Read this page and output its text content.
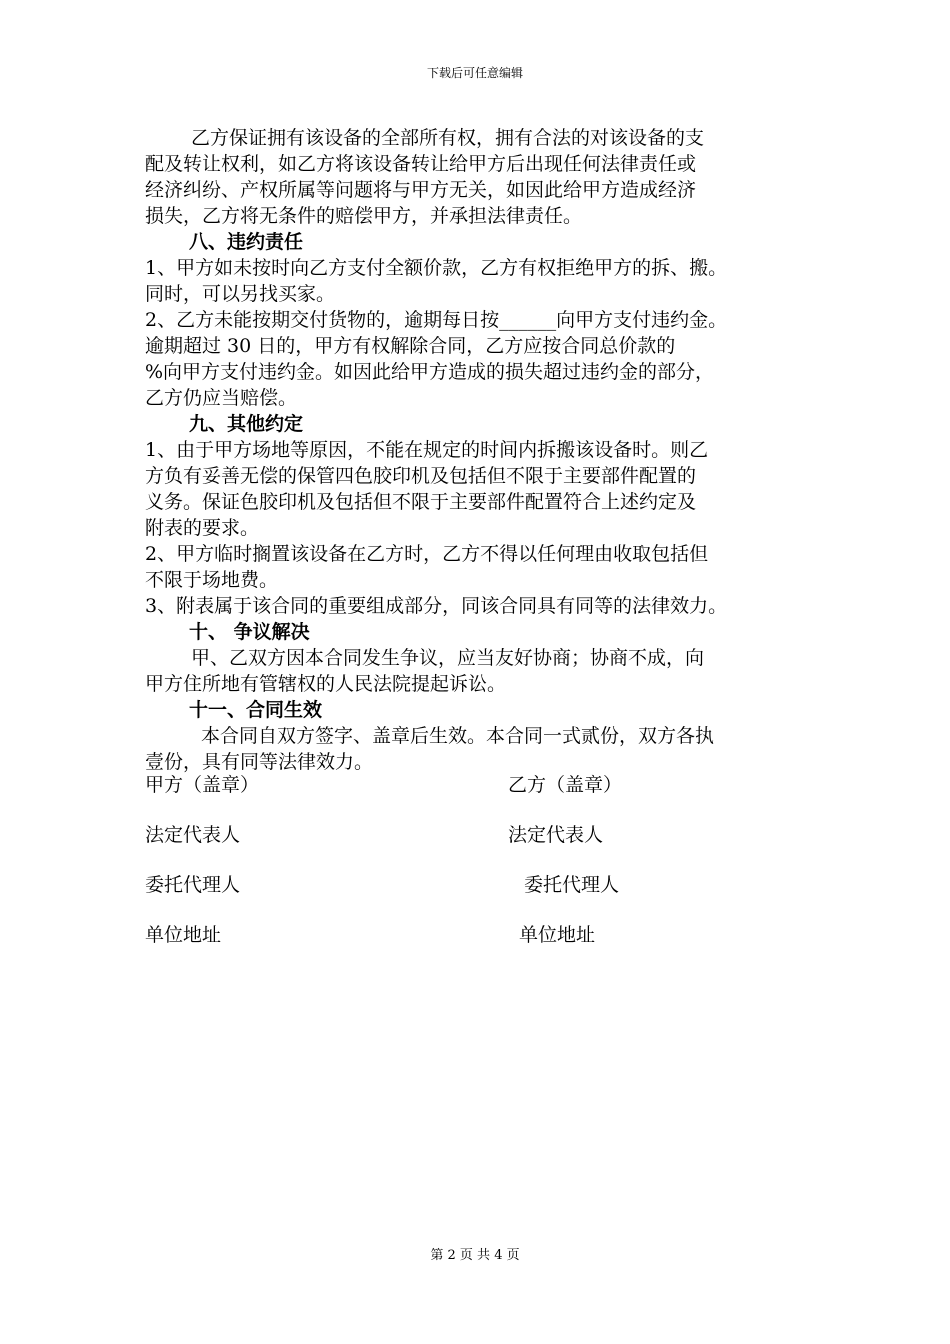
下载后可任意编辑

乙方保证拥有该设备的全部所有权，拥有合法的对该设备的支

配及转让权利，如乙方将该设备转让给甲方后出现任何法律责任或

经济纠纷、产权所属等问题将与甲方无关，如因此给甲方造成经济

损失，乙方将无条件的赔偿甲方，并承担法律责任。

八、违约责任

1、甲方如未按时向乙方支付全额价款，乙方有权拒绝甲方的拆、搬。

同时，可以另找买家。

2、乙方未能按期交付货物的，逾期每日按______向甲方支付违约金。

逾期超过 30 日的，甲方有权解除合同，乙方应按合同总价款的

%向甲方支付违约金。如因此给甲方造成的损失超过违约金的部分，

乙方仍应当赔偿。

九、其他约定

1、由于甲方场地等原因，不能在规定的时间内拆搬该设备时。则乙

方负有妥善无偿的保管四色胶印机及包括但不限于主要部件配置的

义务。保证色胶印机及包括但不限于主要部件配置符合上述约定及

附表的要求。

2、甲方临时搁置该设备在乙方时，乙方不得以任何理由收取包括但

不限于场地费。

3、附表属于该合同的重要组成部分，同该合同具有同等的法律效力。

十、 争议解决

甲、乙双方因本合同发生争议，应当友好协商；协商不成，向

甲方住所地有管辖权的人民法院提起诉讼。

十一、合同生效

本合同自双方签字、盖章后生效。本合同一式贰份，双方各执

壹份，具有同等法律效力。

甲方（盖章）	乙方（盖章）
法定代表人	法定代表人
委托代理人	委托代理人
单位地址	单位地址
第 2 页 共 4 页
